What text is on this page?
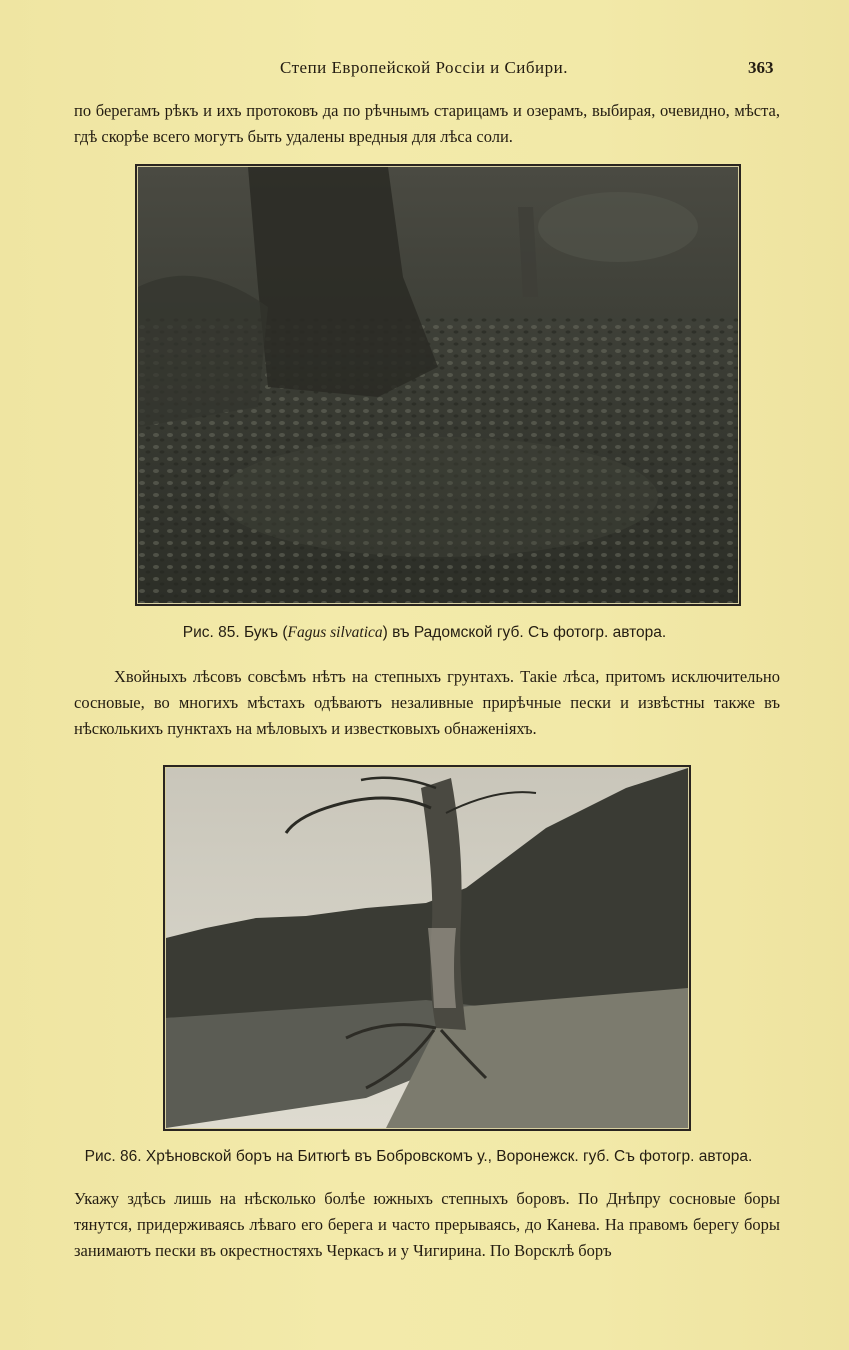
Степи Европейской Россіи и Сибири.	363

по берегамъ рѣкъ и ихъ протоковъ да по рѣчнымъ старицамъ и озерамъ, выбирая, очевидно, мѣста, гдѣ скорѣе всего могутъ быть удалены вредныя для лѣса соли.

Рис. 85. Букъ (Fagus silvatica) въ Радомской губ. Съ фотогр. автора.

Хвойныхъ лѣсовъ совсѣмъ нѣтъ на степныхъ грунтахъ. Такіе лѣса, притомъ исключительно сосновые, во многихъ мѣстахъ одѣваютъ незаливные прирѣчные пески и извѣстны также въ нѣсколькихъ пунктахъ на мѣловыхъ и известковыхъ обнаженіяхъ.

Рис. 86. Хрѣновской боръ на Битюгѣ въ Бобровскомъ у., Воронежск. губ. Съ фотогр. автора.

Укажу здѣсь лишь на нѣсколько болѣе южныхъ степныхъ боровъ. По Днѣпру сосновые боры тянутся, придерживаясь лѣваго его берега и часто прерываясь, до Канева. На правомъ берегу боры занимаютъ пески въ окрестностяхъ Черкасъ и у Чигирина. По Ворсклѣ боръ
